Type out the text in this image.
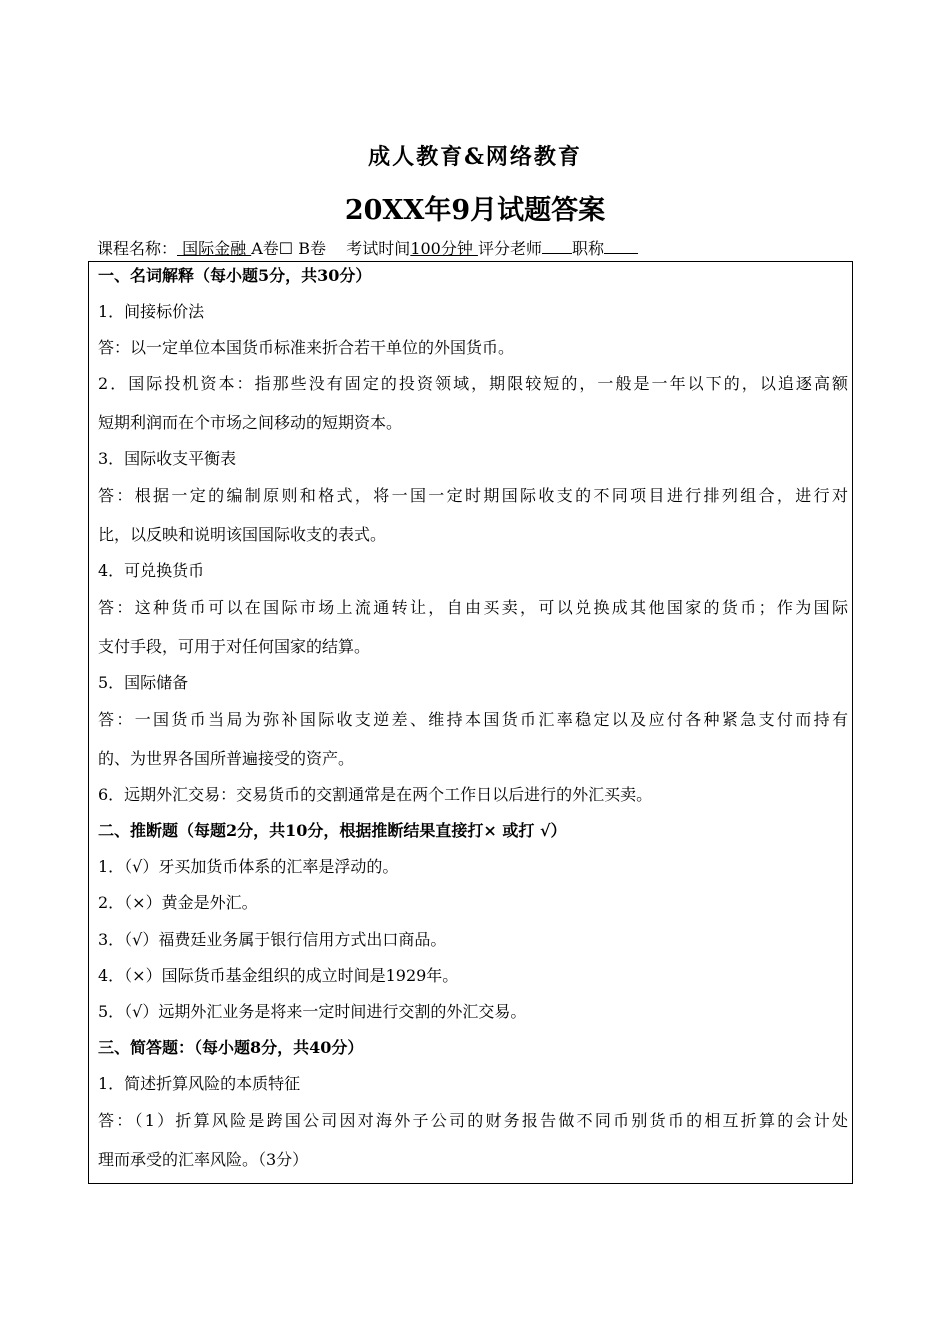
成人教育&网络教育
20XX年9月试题答案
课程名称： 国际金融 A卷☐ B卷 考试时间100分钟 评分老师 职称
一、名词解释（每小题5分，共30分）
1．间接标价法
答：以一定单位本国货币标准来折合若干单位的外国货币。
2．国际投机资本：指那些没有固定的投资领域，期限较短的，一般是一年以下的，以追逐高额
短期利润而在个市场之间移动的短期资本。
3．国际收支平衡表
答：根据一定的编制原则和格式，将一国一定时期国际收支的不同项目进行排列组合，进行对
比，以反映和说明该国国际收支的表式。
4．可兑换货币
答：这种货币可以在国际市场上流通转让，自由买卖，可以兑换成其他国家的货币；作为国际
支付手段，可用于对任何国家的结算。
5．国际储备
答：一国货币当局为弥补国际收支逆差、维持本国货币汇率稳定以及应付各种紧急支付而持有
的、为世界各国所普遍接受的资产。
6．远期外汇交易：交易货币的交割通常是在两个工作日以后进行的外汇买卖。
二、推断题（每题2分，共10分，根据推断结果直接打× 或打 √）
1．（√）牙买加货币体系的汇率是浮动的。
2．（×）黄金是外汇。
3．（√）福费廷业务属于银行信用方式出口商品。
4．（×）国际货币基金组织的成立时间是1929年。
5．（√）远期外汇业务是将来一定时间进行交割的外汇交易。
三、简答题：（每小题8分，共40分）
1．简述折算风险的本质特征
答：（1）折算风险是跨国公司因对海外子公司的财务报告做不同币别货币的相互折算的会计处
理而承受的汇率风险。（3分）
